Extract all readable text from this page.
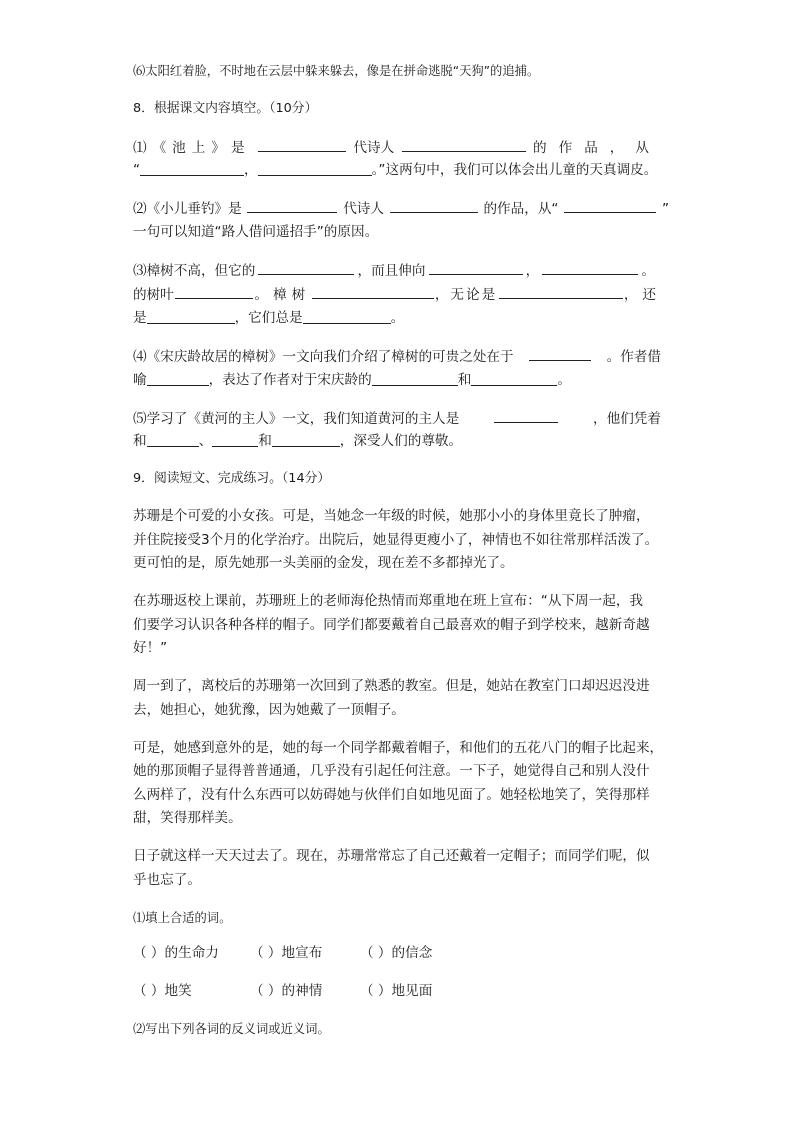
⑹太阳红着脸，不时地在云层中躲来躲去，像是在拼命逃脱“天狗”的追捕。
8．根据课文内容填空。（10分）
⑴《池上》是	代诗人	的作品，从
“	，	。”这两句中，我们可以体会出儿童的天真调皮。
⑵《小儿垂钓》是	代诗人	的作品，从“	”
一句可以知道“路人借问遥招手”的原因。
⑶樟树不高，但它的	，而且伸向	，	。
的树叶	。樟树	，无论是	，还
是	，它们总是	。
⑷《宋庆龄故居的樟树》一文向我们介绍了樟树的可贵之处在于	。作者借
喻	，表达了作者对于宋庆龄的	和	。
⑸学习了《黄河的主人》一文，我们知道黄河的主人是	，他们凭着
和	、	和	，深受人们的尊敬。
9．阅读短文、完成练习。（14分）
苏珊是个可爱的小女孩。可是，当她念一年级的时候，她那小小的身体里竟长了肿瘤，
并住院接受3个月的化学治疗。出院后，她显得更瘦小了，神情也不如往常那样活泼了。
更可怕的是，原先她那一头美丽的金发，现在差不多都掉光了。
在苏珊返校上课前，苏珊班上的老师海伦热情而郑重地在班上宣布：“从下周一起，我
们要学习认识各种各样的帽子。同学们都要戴着自己最喜欢的帽子到学校来，越新奇越
好！”
周一到了，离校后的苏珊第一次回到了熟悉的教室。但是，她站在教室门口却迟迟没进
去，她担心，她犹豫，因为她戴了一顶帽子。
可是，她感到意外的是，她的每一个同学都戴着帽子，和他们的五花八门的帽子比起来，
她的那顶帽子显得普普通通，几乎没有引起任何注意。一下子，她觉得自己和别人没什
么两样了，没有什么东西可以妨碍她与伙伴们自如地见面了。她轻松地笑了，笑得那样
甜，笑得那样美。
日子就这样一天天过去了。现在，苏珊常常忘了自己还戴着一定帽子；而同学们呢，似
乎也忘了。
⑴填上合适的词。
（ ）的生命力 （ ）地宣布	（ ）的信念
（ ）地笑	（ ）的神情	（ ）地见面
⑵写出下列各词的反义词或近义词。
